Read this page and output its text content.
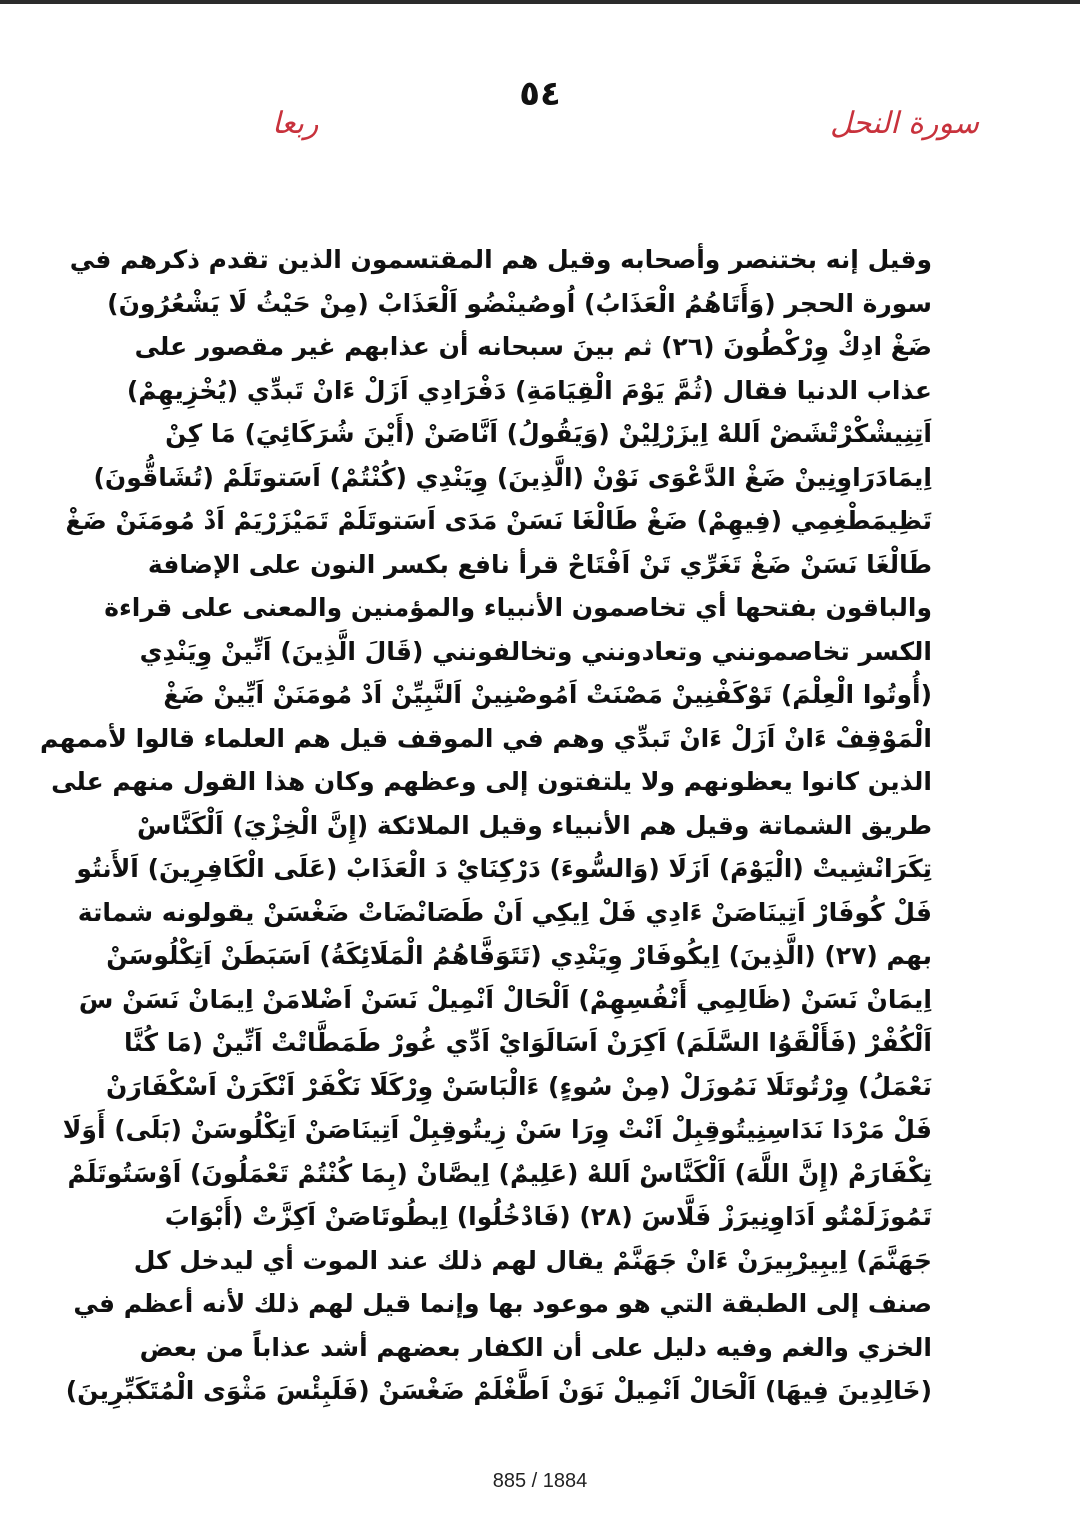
٥٤
ربعا	سورة النحل
وقيل إنه بختنصر وأصحابه وقيل هم المقتسمون الذين تقدم ذكرهم في
سورة الحجر (وَأَتَاهُمُ الْعَذَابُ) اُوصُينْضُو اَلْعَذَابْ (مِنْ حَيْثُ لَا يَشْعُرُونَ)
ضَغْ ادِكْ وِرْكْطُونَ (٢٦) ثم بينَ سبحانه أن عذابهم غير مقصور على
عذاب الدنيا فقال (ثُمَّ يَوْمَ الْقِيَامَةِ) دَفْرَادِي اَزَلْ ءَانْ تَبدِّي (يُخْزِيهِمْ)
اَتِنِيشْكْرْتْشَضْ اَللهْ اِيزَرْلِيْنْ (وَيَقُولُ) اَنَّاصَنْ (أَيْنَ شُرَكَائِيَ) مَا كِنْ
اِيمَادَرَاوِنِينْ ضَغْ الدَّعْوَى نَوْنْ (الَّذِينَ) وِيَنْدِي (كُنْتُمْ) اَسَتوتَلَمْ (تُشَاقُّونَ)
تَظِيمَطْغِمِي (فِيهِمْ) ضَغْ طَالْغَا نَسَنْ مَدَى اَسَتوتَلَمْ تَمَيْزَرْيَمْ اَدْ مُومَنَنْ ضَغْ
طَالْغَا نَسَنْ ضَغْ تَغَرِّي تَنْ اَفْتَاحْ قرأ نافع بكسر النون على الإضافة
والباقون بفتحها أي تخاصمون الأنبياء والمؤمنين والمعنى على قراءة
الكسر تخاصمونني وتعادونني وتخالفونني (قَالَ الَّذِينَ) اَنِّينْ وِيَنْدِي
(أُوتُوا الْعِلْمَ) تَوْكَفْنِينْ مَصْنَتْ اَمُوصْنِينْ اَلنَّبِيِّنْ اَدْ مُومَنَنْ اَيِّينْ ضَغْ
الْمَوْقِفْ ءَانْ اَزَلْ ءَانْ تَبدِّي وهم في الموقف قيل هم العلماء قالوا لأممهم
الذين كانوا يعظونهم ولا يلتفتون إلى وعظهم وكان هذا القول منهم على
طريق الشماتة وقيل هم الأنبياء وقيل الملائكة (إِنَّ الْخِزْيَ) اَلْكَنَّاسْ
تِكَرَانْشِيتْ (الْيَوْمَ) اَزَلَا (وَالسُّوءَ) دَرْكِنَايْ دَ الْعَذَابْ (عَلَى الْكَافِرِينَ) اَلأَنتُو
فَلْ كُوفَارْ اَتِينَاصَنْ ءَادِي فَلْ اِيكِي اَنْ طَصَانْضَاتْ ضَغْسَنْ يقولونه شماتة
بهم (٢٧) (الَّذِينَ) اِيكُوفَارْ وِيَنْدِي (تَتَوَفَّاهُمُ الْمَلَائِكَةُ) اَسَبَطَنْ اَتِكْلُوسَنْ
اِيمَانْ نَسَنْ (ظَالِمِي أَنْفُسِهِمْ) اَلْحَالْ اَنْمِيلْ نَسَنْ اَضْلامَنْ اِيمَانْ نَسَنْ سَ
اَلْكُفْرْ (فَأَلْقَوُا السَّلَمَ) اَكِرَنْ اَسَالَوَايْ اَدِّي غُورْ طَمَطَّاتْتْ اَنِّينْ (مَا كُنَّا
نَعْمَلُ) وِرْتُوتَلَا نَمُوزَلْ (مِنْ سُوءٍ) ءَالْبَاسَنْ وِرْكَلَا نَكْفَرْ اَنْكَرَنْ اَسْكْفَارَنْ
فَلْ مَرْدَا نَدَاسِنِيتُوقِبِلْ اَنْتْ وِرَا سَنْ زِيتُوقِبِلْ اَتِينَاصَنْ اَتِكْلُوسَنْ (بَلَى) أَوَلَا
تِكْفَارَمْ (إِنَّ اللَّهَ) اَلْكَنَّاسْ اَللهْ (عَلِيمٌ) اِيصَّانْ (بِمَا كُنْتُمْ تَعْمَلُونَ) اَوْسَتُوتَلَمْ
تَمُوزَلَمْتُو اَدَاوِنِيرَزْ فَلَّاسَ (٢٨) (فَادْخُلُوا) اِيطُوتَاصَنْ اَكِزَّتْ (أَبْوَابَ
جَهَنَّمَ) اِيبِيرْبِيرَنْ ءَانْ جَهَنَّمْ يقال لهم ذلك عند الموت أي ليدخل كل
صنف إلى الطبقة التي هو موعود بها وإنما قيل لهم ذلك لأنه أعظم في
الخزي والغم وفيه دليل على أن الكفار بعضهم أشد عذاباً من بعض
(خَالِدِينَ فِيهَا) اَلْحَالْ اَنْمِيلْ نَوَنْ اَطَّغْلَمْ ضَغْسَنْ (فَلَبِئْسَ مَثْوَى الْمُتَكَبِّرِينَ)
885 / 1884
